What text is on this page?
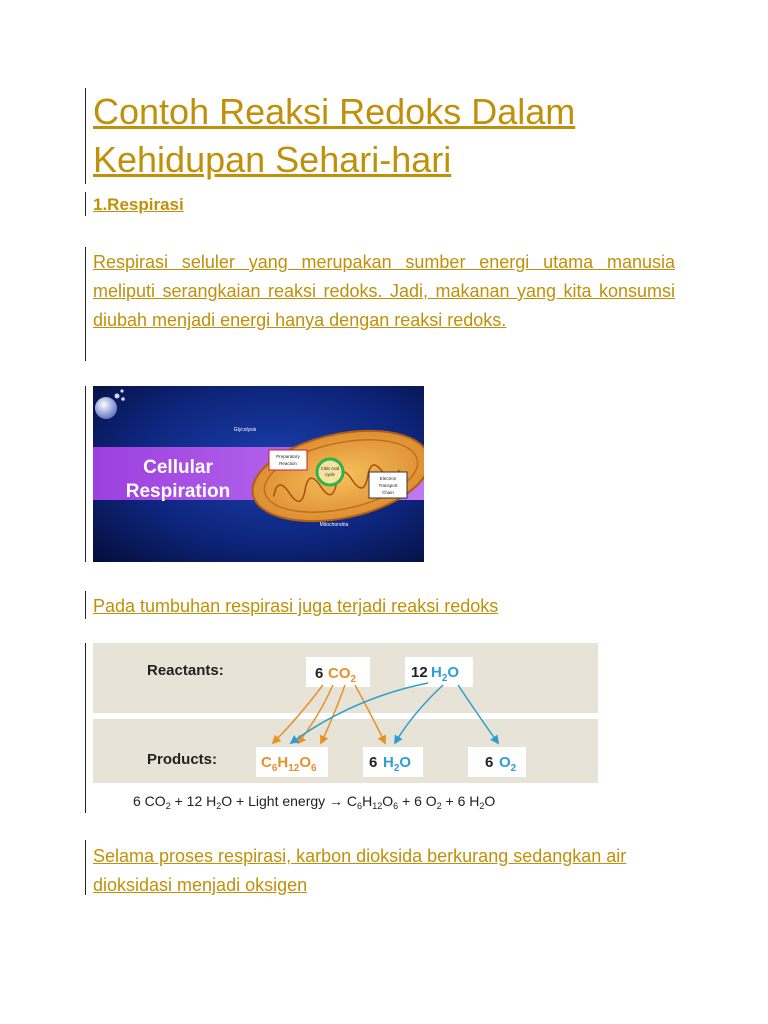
Contoh Reaksi Redoks Dalam Kehidupan Sehari-hari
1.Respirasi

Respirasi seluler yang merupakan sumber energi utama manusia meliputi serangkaian reaksi redoks. Jadi, makanan yang kita konsumsi diubah menjadi energi hanya dengan reaksi redoks.

Cellular
Respiration
Glycolysis
Preparatory
Reaction
Citric Acid
cycle
Electron
Transport
Chain
Mitochondria

Pada tumbuhan respirasi juga terjadi reaksi redoks

Reactants:
Products:
6 $CO_2$	12 $H_2O$
$C_6H_{12}O_6$	6 $H_2O$	6 $O_2$
6 $CO_2 + 12$ $H_2O$ + Light energy → $C_6H_{12}O_6 + 6$ $O_2 + 6$ $H_2O$

Selama proses respirasi, karbon dioksida berkurang sedangkan air dioksidasi menjadi oksigen
